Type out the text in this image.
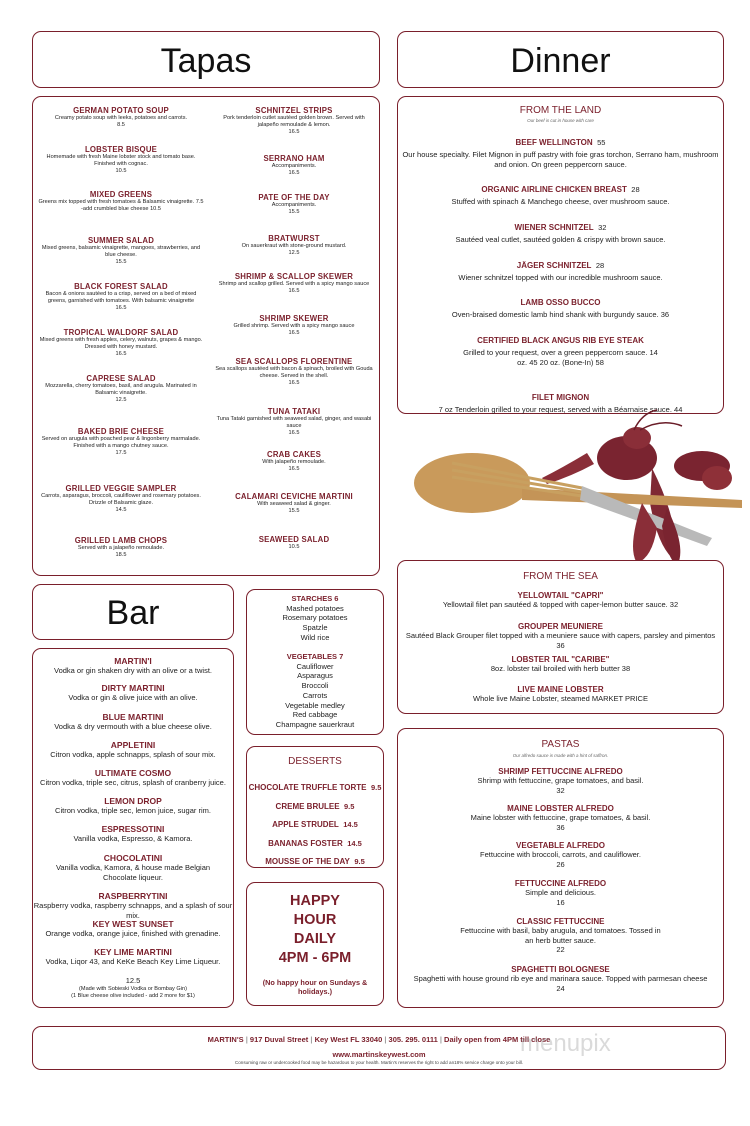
Tapas	Dinner
GERMAN POTATO SOUP
Creamy potato soup with leeks, potatoes and carrots.
8.5
LOBSTER BISQUE
Homemade with fresh Maine lobster stock and tomato base. Finished with cognac.
10.5
MIXED GREENS
Greens mix topped with fresh tomatoes & Balsamic vinaigrette. 7.5 -add crumbled blue cheese 10.5
SUMMER SALAD
Mixed greens, balsamic vinaigrette, mangoes, strawberries, and blue cheese.
15.5
BLACK FOREST SALAD
Bacon & onions sautéed to a crisp, served on a bed of mixed greens, garnished with tomatoes. With balsamic vinaigrette
16.5
TROPICAL WALDORF SALAD
Mixed greens with fresh apples, celery, walnuts, grapes & mango. Dressed with honey mustard.
16.5
CAPRESE SALAD
Mozzarella, cherry tomatoes, basil, and arugula. Marinated in Balsamic vinaigrette.
12.5
BAKED BRIE CHEESE
Served on arugula with poached pear & lingonberry marmalade. Finished with a mango chutney sauce.
17.5
GRILLED VEGGIE SAMPLER
Carrots, asparagus, broccoli, cauliflower and rosemary potatoes. Drizzle of Balsamic glaze.
14.5
GRILLED LAMB CHOPS
Served with a jalapeño remoulade.
18.5
SCHNITZEL STRIPS
Pork tenderloin cutlet sautéed golden brown. Served with jalapeño remoulade & lemon.
16.5
SERRANO HAM
Accompaniments.
16.5
PATE OF THE DAY
Accompaniments.
15.5
BRATWURST
On sauerkraut with stone-ground mustard.
12.5
SHRIMP & SCALLOP SKEWER
Shrimp and scallop grilled. Served with a spicy mango sauce
16.5
SHRIMP SKEWER
Grilled shrimp. Served with a spicy mango sauce
16.5
SEA SCALLOPS FLORENTINE
Sea scallops sautéed with bacon & spinach, broiled with Gouda cheese. Served in the shell.
16.5
TUNA TATAKI
Tuna Tataki garnished with seaweed salad, ginger, and wasabi sauce
16.5
CRAB CAKES
With jalapeño remoulade.
16.5
CALAMARI CEVICHE MARTINI
With seaweed salad & ginger.
15.5
SEAWEED SALAD
10.5
FROM THE LAND
Our beef is cut in house with care
BEEF WELLINGTON 55
Our house specialty. Filet Mignon in puff pastry with foie gras torchon, Serrano ham, mushroom and onion. On green peppercorn sauce.
ORGANIC AIRLINE CHICKEN BREAST 28
Stuffed with spinach & Manchego cheese, over mushroom sauce.
WIENER SCHNITZEL 32
Sautéed veal cutlet, sautéed golden & crispy with brown sauce.
JÄGER SCHNITZEL 28
Wiener schnitzel topped with our incredible mushroom sauce.
LAMB OSSO BUCCO
Oven-braised domestic lamb hind shank with burgundy sauce. 36
CERTIFIED BLACK ANGUS RIB EYE STEAK
Grilled to your request, over a green peppercorn sauce. 14 oz. 45 20 oz. (Bone-In) 58
FILET MIGNON
7 oz Tenderloin grilled to your request, served with a Béarnaise sauce. 44
FROM THE SEA
YELLOWTAIL "CAPRI"
Yellowtail filet pan sautéed & topped with caper-lemon butter sauce. 32
GROUPER MEUNIERE
Sautéed Black Grouper filet topped with a meuniere sauce with capers, parsley and pimentos 36
LOBSTER TAIL "CARIBE"
8oz. lobster tail broiled with herb butter 38
LIVE MAINE LOBSTER
Whole live Maine Lobster, steamed MARKET PRICE
PASTAS
Our alfredo sauce is made with a hint of saffron.
SHRIMP FETTUCCINE ALFREDO
Shrimp with fettuccine, grape tomatoes, and basil.
32
MAINE LOBSTER ALFREDO
Maine lobster with fettuccine, grape tomatoes, & basil.
36
VEGETABLE ALFREDO
Fettuccine with broccoli, carrots, and cauliflower.
26
FETTUCCINE ALFREDO
Simple and delicious.
16
CLASSIC FETTUCCINE
Fettuccine with basil, baby arugula, and tomatoes. Tossed in an herb butter sauce.
22
SPAGHETTI BOLOGNESE
Spaghetti with house ground rib eye and marinara sauce. Topped with parmesan cheese
24
Bar
MARTIN'I
Vodka or gin shaken dry with an olive or a twist.
DIRTY MARTINI
Vodka or gin & olive juice with an olive.
BLUE MARTINI
Vodka & dry vermouth with a blue cheese olive.
APPLETINI
Citron vodka, apple schnapps, splash of sour mix.
ULTIMATE COSMO
Citron vodka, triple sec, citrus, splash of cranberry juice.
LEMON DROP
Citron vodka, triple sec, lemon juice, sugar rim.
ESPRESSOTINI
Vanilla vodka, Espresso, & Kamora.
CHOCOLATINI
Vanilla vodka, Kamora, & house made Belgian Chocolate liqueur.
RASPBERRYTINI
Raspberry vodka, raspberry schnapps, and a splash of sour mix.
KEY WEST SUNSET
Orange vodka, orange juice, finished with grenadine.
KEY LIME MARTINI
Vodka, Liqor 43, and KeKe Beach Key Lime Liqueur.
12.5
(Made with Sobieski Vodka or Bombay Gin)
(1 Blue cheese olive included - add 2 more for $1)
STARCHES 6
Mashed potatoes
Rosemary potatoes
Spatzle
Wild rice
VEGETABLES 7
Cauliflower
Asparagus
Broccoli
Carrots
Vegetable medley
Red cabbage
Champagne sauerkraut
DESSERTS
CHOCOLATE TRUFFLE TORTE 9.5
CREME BRULEE 9.5
APPLE STRUDEL 14.5
BANANAS FOSTER 14.5
MOUSSE OF THE DAY 9.5
HAPPY
HOUR
DAILY
4PM - 6PM
(No happy hour on Sundays & holidays.)
MARTIN'S | 917 Duval Street | Key West FL 33040 | 305. 295. 0111 | Daily open from 4PM till close
www.martinskeywest.com
Consuming raw or undercooked food may be hazardous to your health. Martin's reserves the right to add an18% service charge onto your bill.
menupix
